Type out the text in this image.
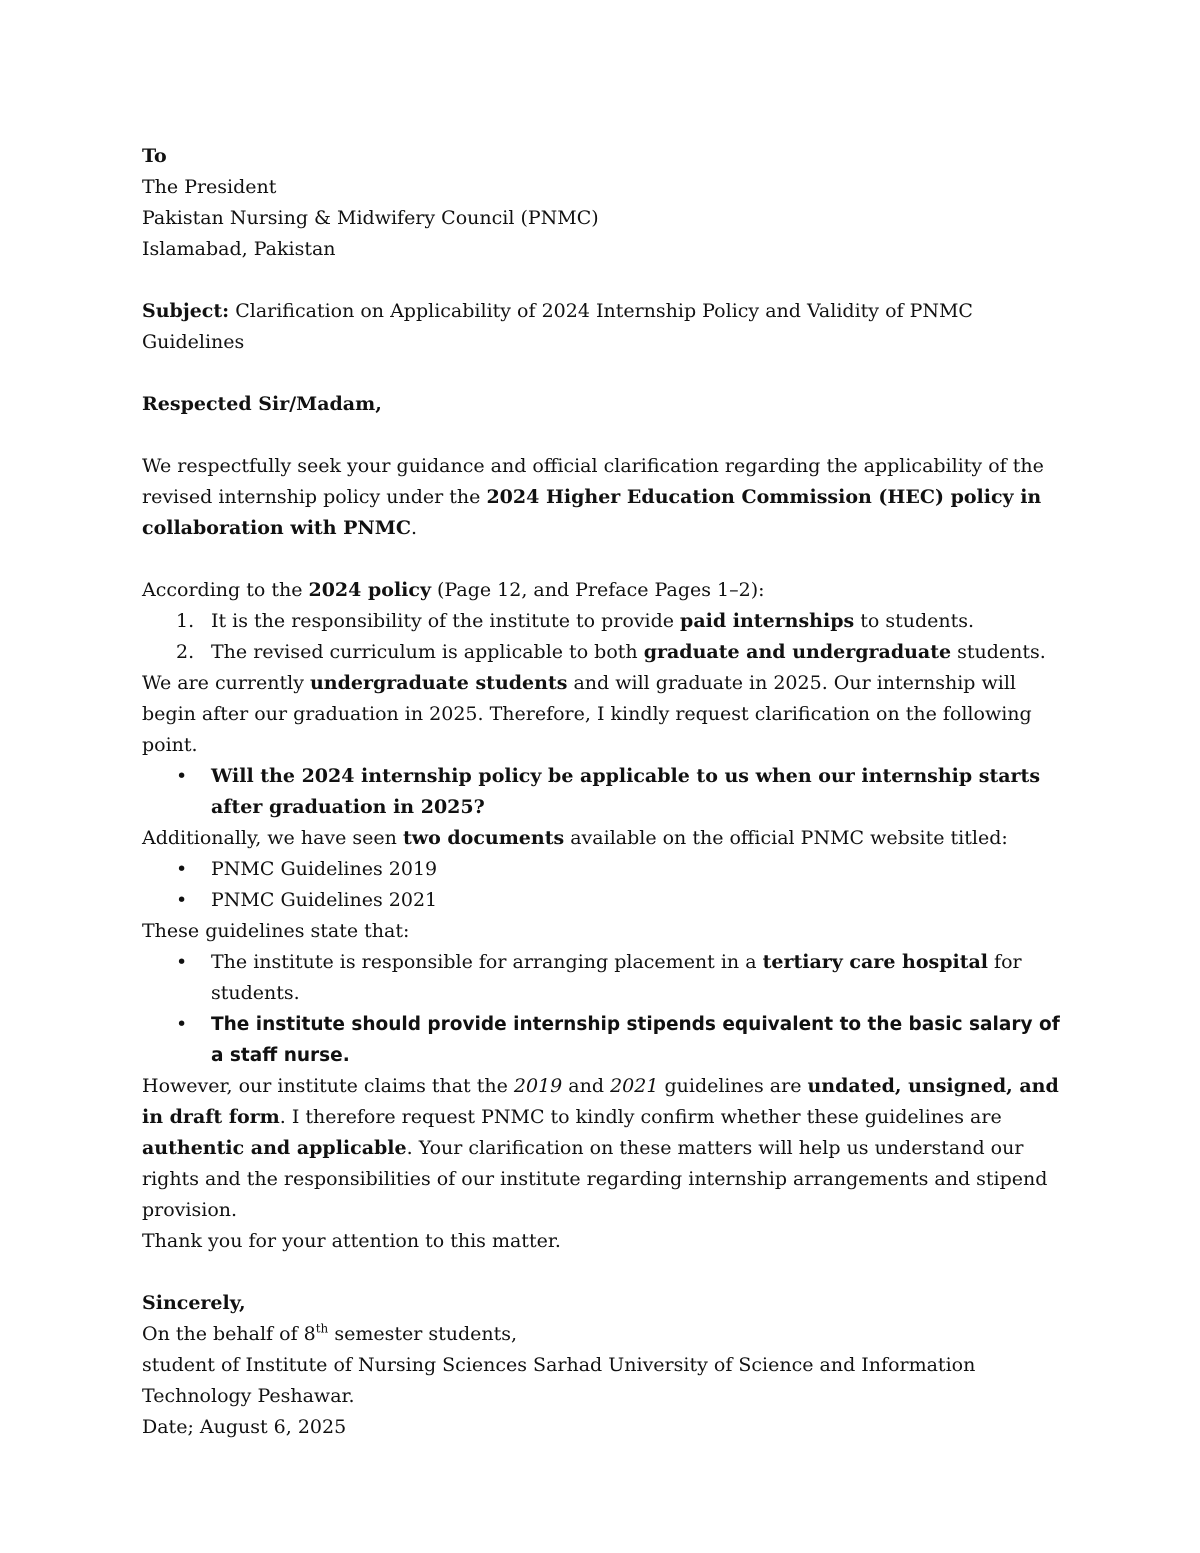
To

The President

Pakistan Nursing & Midwifery Council (PNMC)

Islamabad, Pakistan

Subject: Clarification on Applicability of 2024 Internship Policy and Validity of PNMC Guidelines

Respected Sir/Madam,

We respectfully seek your guidance and official clarification regarding the applicability of the revised internship policy under the 2024 Higher Education Commission (HEC) policy in collaboration with PNMC.

According to the 2024 policy (Page 12, and Preface Pages 1–2):

1. It is the responsibility of the institute to provide paid internships to students.
2. The revised curriculum is applicable to both graduate and undergraduate students.

We are currently undergraduate students and will graduate in 2025. Our internship will begin after our graduation in 2025. Therefore, I kindly request clarification on the following point.

• Will the 2024 internship policy be applicable to us when our internship starts after graduation in 2025?

Additionally, we have seen two documents available on the official PNMC website titled:

• PNMC Guidelines 2019
• PNMC Guidelines 2021

These guidelines state that:

• The institute is responsible for arranging placement in a tertiary care hospital for students.
• The institute should provide internship stipends equivalent to the basic salary of a staff nurse.

However, our institute claims that the 2019 and 2021 guidelines are undated, unsigned, and in draft form. I therefore request PNMC to kindly confirm whether these guidelines are authentic and applicable. Your clarification on these matters will help us understand our rights and the responsibilities of our institute regarding internship arrangements and stipend provision.

Thank you for your attention to this matter.

Sincerely,

On the behalf of 8th semester students,

student of Institute of Nursing Sciences Sarhad University of Science and Information Technology Peshawar.

Date; August 6, 2025
